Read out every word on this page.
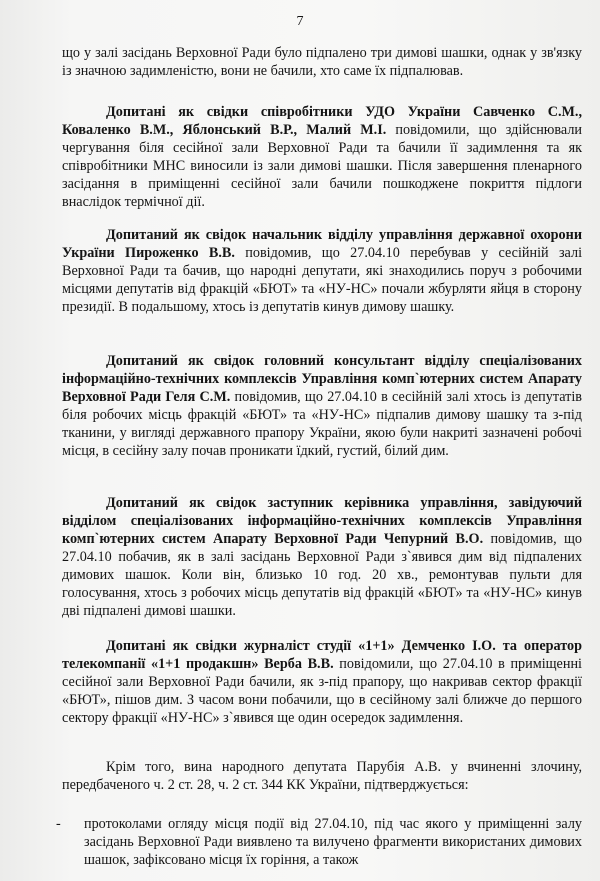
7

що у залі засідань Верховної Ради було підпалено три димові шашки, однак у зв'язку із значною задимленістю, вони не бачили, хто саме їх підпалював.

Допитані як свідки співробітники УДО України Савченко С.М., Коваленко В.М., Яблонський В.Р., Малий М.І. повідомили, що здійснювали чергування біля сесійної зали Верховної Ради та бачили її задимлення та як співробітники МНС виносили із зали димові шашки. Після завершення пленарного засідання в приміщенні сесійної зали бачили пошкоджене покриття підлоги внаслідок термічної дії.

Допитаний як свідок начальник відділу управління державної охорони України Пироженко В.В. повідомив, що 27.04.10 перебував у сесійній залі Верховної Ради та бачив, що народні депутати, які знаходились поруч з робочими місцями депутатів від фракцій «БЮТ» та «НУ-НС» почали жбурляти яйця в сторону президії. В подальшому, хтось із депутатів кинув димову шашку.

Допитаний як свідок головний консультант відділу спеціалізованих інформаційно-технічних комплексів Управління комп`ютерних систем Апарату Верховної Ради Геля С.М. повідомив, що 27.04.10 в сесійній залі хтось із депутатів біля робочих місць фракцій «БЮТ» та «НУ-НС» підпалив димову шашку та з-під тканини, у вигляді державного прапору України, якою були накриті зазначені робочі місця, в сесійну залу почав проникати їдкий, густий, білий дим.

Допитаний як свідок заступник керівника управління, завідуючий відділом спеціалізованих інформаційно-технічних комплексів Управління комп`ютерних систем Апарату Верховної Ради Чепурний В.О. повідомив, що 27.04.10 побачив, як в залі засідань Верховної Ради з`явився дим від підпалених димових шашок. Коли він, близько 10 год. 20 хв., ремонтував пульти для голосування, хтось з робочих місць депутатів від фракцій «БЮТ» та «НУ-НС» кинув дві підпалені димові шашки.

Допитані як свідки журналіст студії «1+1» Демченко І.О. та оператор телекомпанії «1+1 продакшн» Верба В.В. повідомили, що 27.04.10 в приміщенні сесійної зали Верховної Ради бачили, як з-під прапору, що накривав сектор фракції «БЮТ», пішов дим. З часом вони побачили, що в сесійному залі ближче до першого сектору фракції «НУ-НС» з`явився ще один осередок задимлення.

Крім того, вина народного депутата Парубія А.В. у вчиненні злочину, передбаченого ч. 2 ст. 28, ч. 2 ст. 344 КК України, підтверджується:

- протоколами огляду місця події від 27.04.10, під час якого у приміщенні залу засідань Верховної Ради виявлено та вилучено фрагменти використаних димових шашок, зафіксовано місця їх горіння, а також
